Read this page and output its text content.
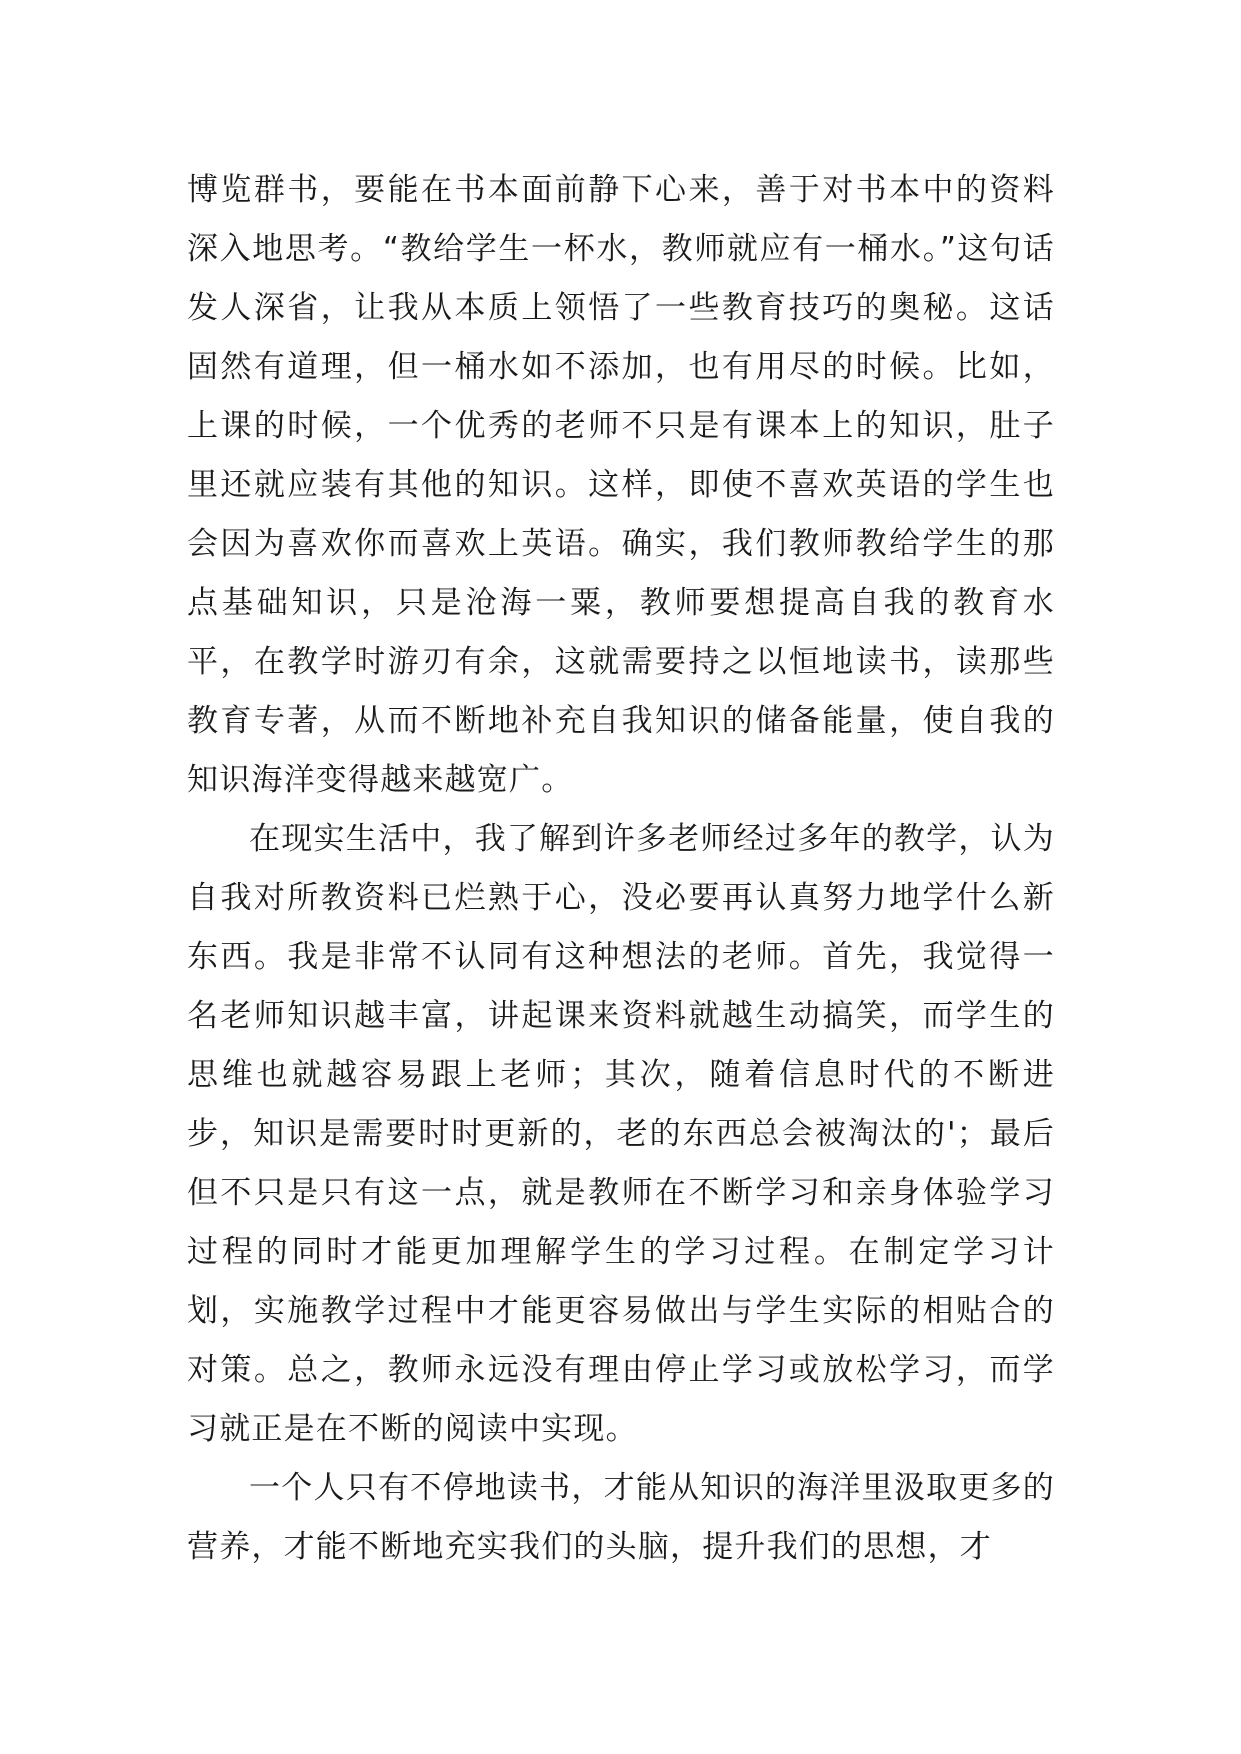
博览群书，要能在书本面前静下心来，善于对书本中的资料深入地思考。“教给学生一杯水，教师就应有一桶水。”这句话发人深省，让我从本质上领悟了一些教育技巧的奥秘。这话固然有道理，但一桶水如不添加，也有用尽的时候。比如，上课的时候，一个优秀的老师不只是有课本上的知识，肚子里还就应装有其他的知识。这样，即使不喜欢英语的学生也会因为喜欢你而喜欢上英语。确实，我们教师教给学生的那点基础知识，只是沧海一粟，教师要想提高自我的教育水平，在教学时游刃有余，这就需要持之以恒地读书，读那些教育专著，从而不断地补充自我知识的储备能量，使自我的知识海洋变得越来越宽广。

在现实生活中，我了解到许多老师经过多年的教学，认为自我对所教资料已烂熟于心，没必要再认真努力地学什么新东西。我是非常不认同有这种想法的老师。首先，我觉得一名老师知识越丰富，讲起课来资料就越生动搞笑，而学生的思维也就越容易跟上老师；其次，随着信息时代的不断进步，知识是需要时时更新的，老的东西总会被淘汰的'；最后但不只是只有这一点，就是教师在不断学习和亲身体验学习过程的同时才能更加理解学生的学习过程。在制定学习计划，实施教学过程中才能更容易做出与学生实际的相贴合的对策。总之，教师永远没有理由停止学习或放松学习，而学习就正是在不断的阅读中实现。

一个人只有不停地读书，才能从知识的海洋里汲取更多的营养，才能不断地充实我们的头脑，提升我们的思想，才
